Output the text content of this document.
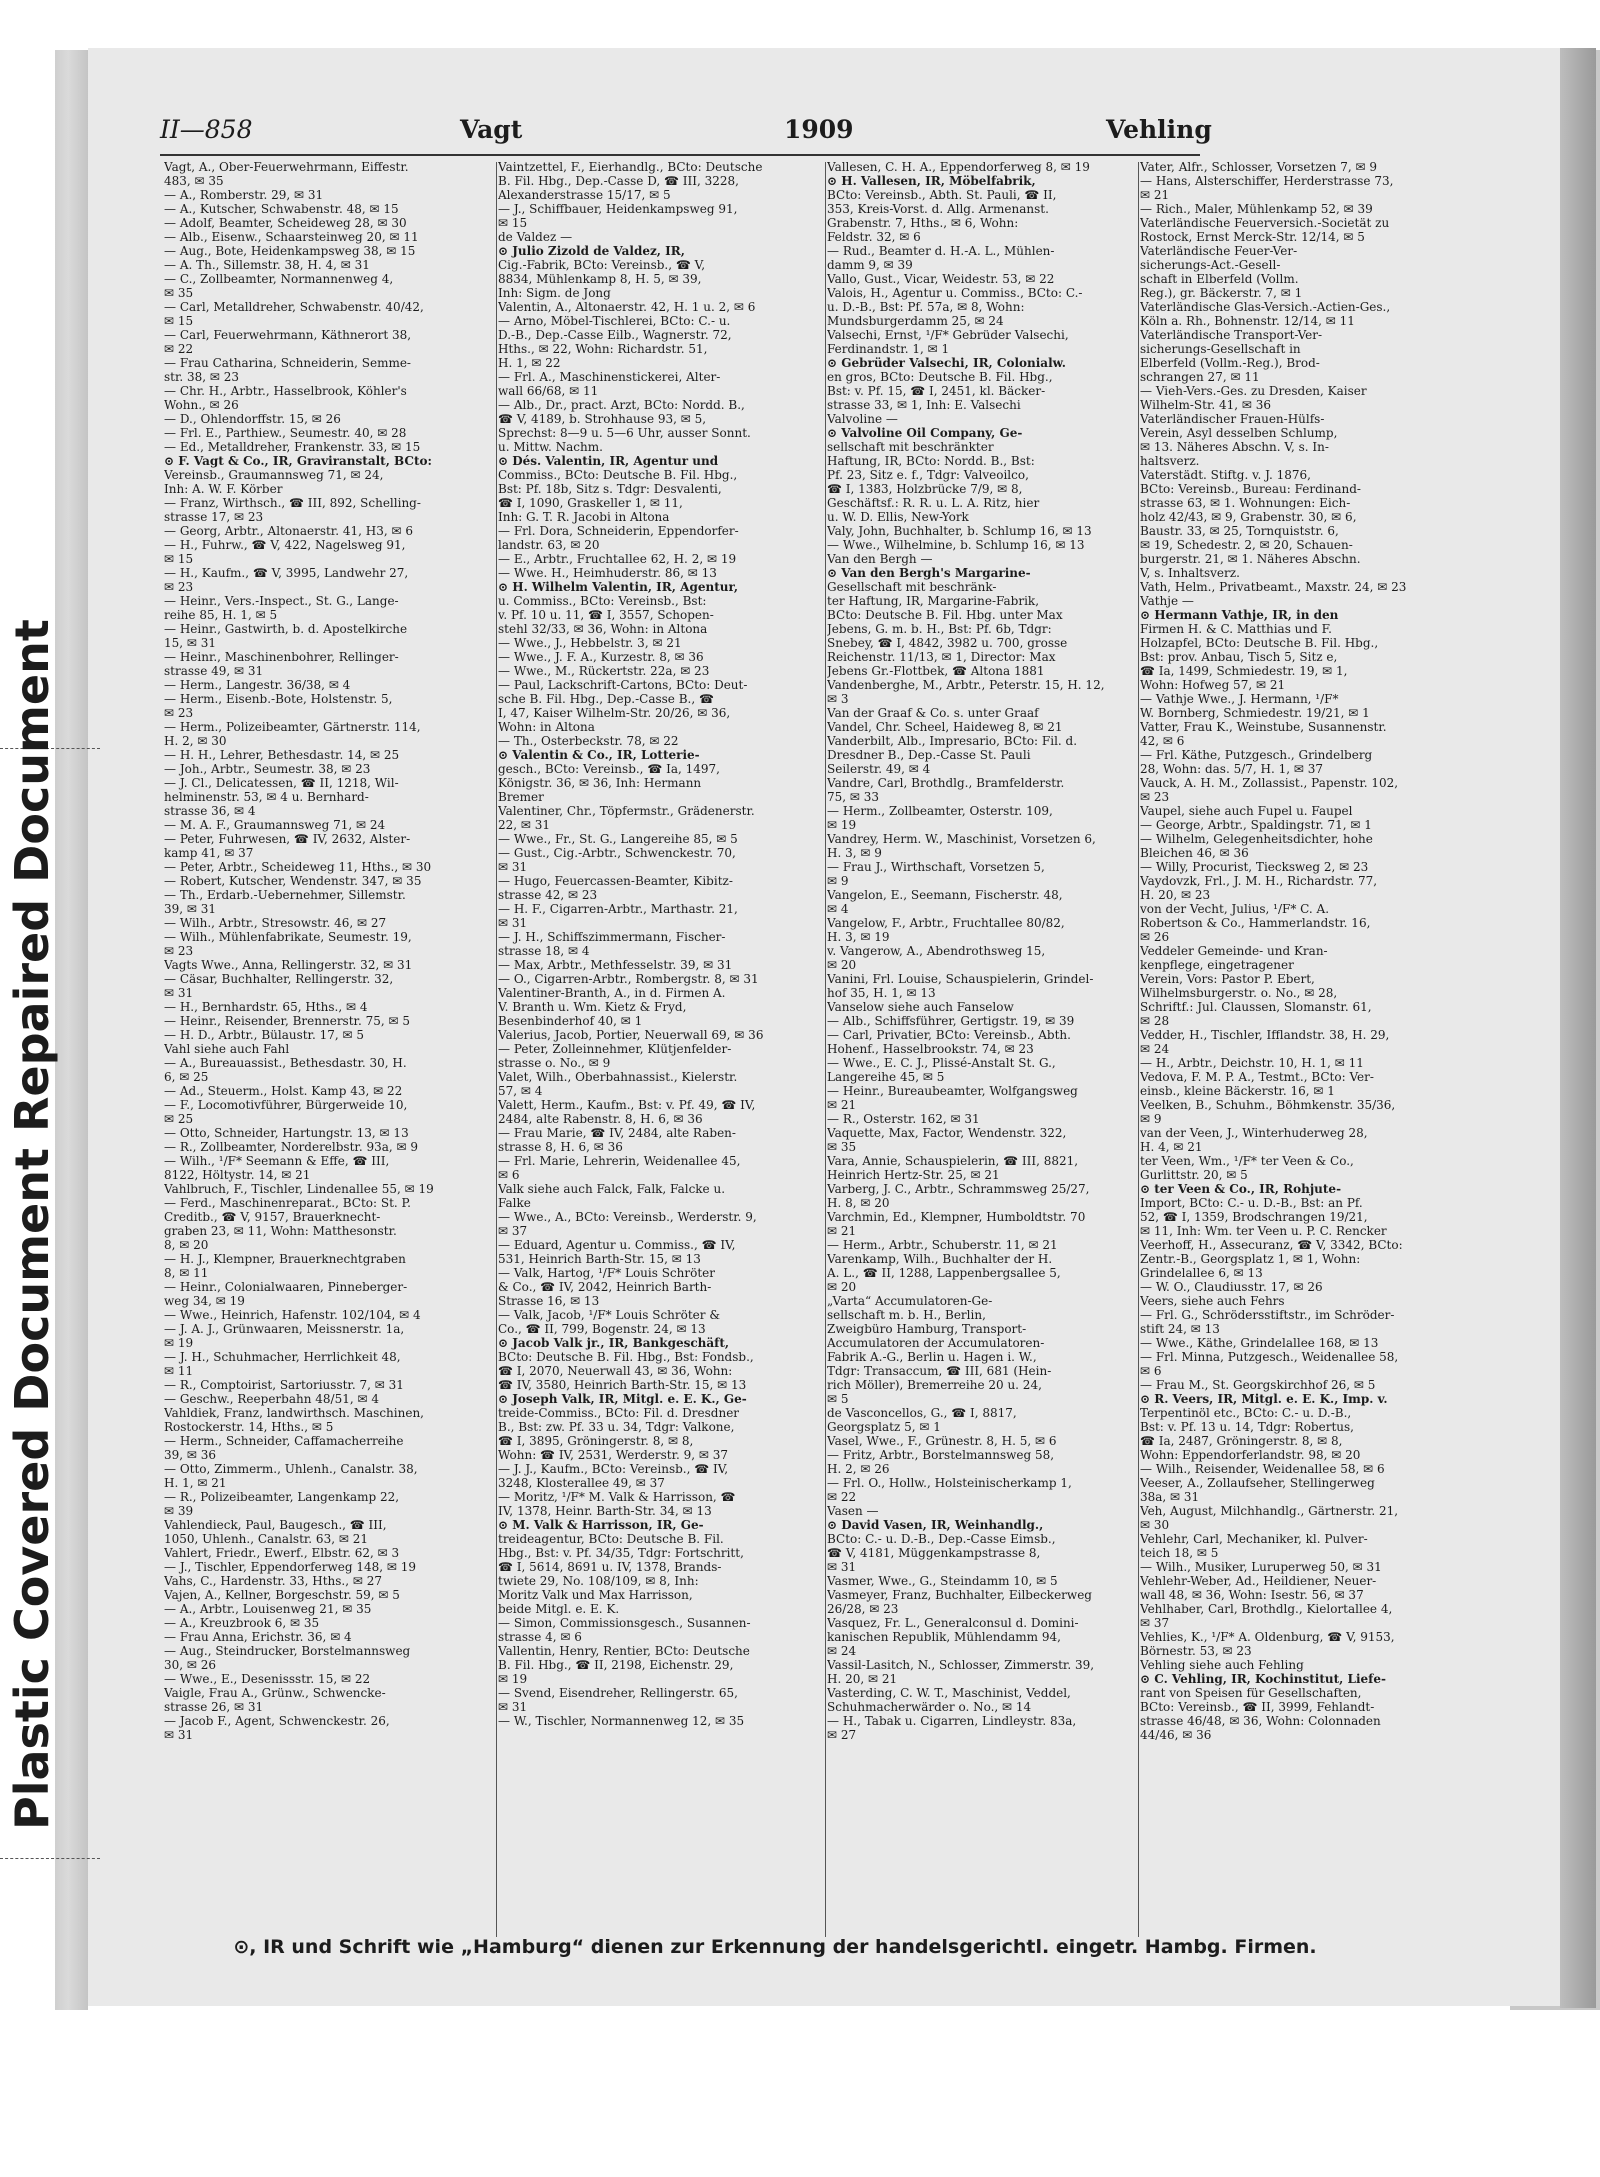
Plastic Covered Document Repaired Document
II—858	Vagt	1909	Vehling
Vagt, A., Ober-Feuerwehrmann, Eiffestr.
483, ✉ 35
— A., Romberstr. 29, ✉ 31
— A., Kutscher, Schwabenstr. 48, ✉ 15
— Adolf, Beamter, Scheideweg 28, ✉ 30
— Alb., Eisenw., Schaarsteinweg 20, ✉ 11
— Aug., Bote, Heidenkampsweg 38, ✉ 15
— A. Th., Sillemstr. 38, H. 4, ✉ 31
— C., Zollbeamter, Normannenweg 4,
✉ 35
— Carl, Metalldreher, Schwabenstr. 40/42,
✉ 15
— Carl, Feuerwehrmann, Käthnerort 38,
✉ 22
— Frau Catharina, Schneiderin, Semme-
str. 38, ✉ 23
— Chr. H., Arbtr., Hasselbrook, Köhler's
Wohn., ✉ 26
— D., Ohlendorffstr. 15, ✉ 26
— Frl. E., Parthiew., Seumestr. 40, ✉ 28
— Ed., Metalldreher, Frankenstr. 33, ✉ 15
⊙ F. Vagt & Co., IR, Graviranstalt, BCto:
Vereinsb., Graumannsweg 71, ✉ 24,
Inh: A. W. F. Körber
— Franz, Wirthsch., ☎ III, 892, Schelling-
strasse 17, ✉ 23
— Georg, Arbtr., Altonaerstr. 41, H3, ✉ 6
— H., Fuhrw., ☎ V, 422, Nagelsweg 91,
✉ 15
— H., Kaufm., ☎ V, 3995, Landwehr 27,
✉ 23
— Heinr., Vers.-Inspect., St. G., Lange-
reihe 85, H. 1, ✉ 5
— Heinr., Gastwirth, b. d. Apostelkirche
15, ✉ 31
— Heinr., Maschinenbohrer, Rellinger-
strasse 49, ✉ 31
— Herm., Langestr. 36/38, ✉ 4
— Herm., Eisenb.-Bote, Holstenstr. 5,
✉ 23
— Herm., Polizeibeamter, Gärtnerstr. 114,
H. 2, ✉ 30
— H. H., Lehrer, Bethesdastr. 14, ✉ 25
— Joh., Arbtr., Seumestr. 38, ✉ 23
— J. Cl., Delicatessen, ☎ II, 1218, Wil-
helminenstr. 53, ✉ 4 u. Bernhard-
strasse 36, ✉ 4
— M. A. F., Graumannsweg 71, ✉ 24
— Peter, Fuhrwesen, ☎ IV, 2632, Alster-
kamp 41, ✉ 37
— Peter, Arbtr., Scheideweg 11, Hths., ✉ 30
— Robert, Kutscher, Wendenstr. 347, ✉ 35
— Th., Erdarb.-Uebernehmer, Sillemstr.
39, ✉ 31
— Wilh., Arbtr., Stresowstr. 46, ✉ 27
— Wilh., Mühlenfabrikate, Seumestr. 19,
✉ 23
Vagts Wwe., Anna, Rellingerstr. 32, ✉ 31
— Cäsar, Buchhalter, Rellingerstr. 32,
✉ 31
— H., Bernhardstr. 65, Hths., ✉ 4
— Heinr., Reisender, Brennerstr. 75, ✉ 5
— H. D., Arbtr., Bülaustr. 17, ✉ 5
Vahl siehe auch Fahl
— A., Bureauassist., Bethesdastr. 30, H.
6, ✉ 25
— Ad., Steuerm., Holst. Kamp 43, ✉ 22
— F., Locomotivführer, Bürgerweide 10,
✉ 25
— Otto, Schneider, Hartungstr. 13, ✉ 13
— R., Zollbeamter, Norderelbstr. 93a, ✉ 9
— Wilh., ¹/F* Seemann & Effe, ☎ III,
8122, Höltystr. 14, ✉ 21
Vahlbruch, F., Tischler, Lindenallee 55, ✉ 19
— Ferd., Maschinenreparat., BCto: St. P.
Creditb., ☎ V, 9157, Brauerknecht-
graben 23, ✉ 11, Wohn: Matthesonstr.
8, ✉ 20
— H. J., Klempner, Brauerknechtgraben
8, ✉ 11
— Heinr., Colonialwaaren, Pinneberger-
weg 34, ✉ 19
— Wwe., Heinrich, Hafenstr. 102/104, ✉ 4
— J. A. J., Grünwaaren, Meissnerstr. 1a,
✉ 19
— J. H., Schuhmacher, Herrlichkeit 48,
✉ 11
— R., Comptoirist, Sartoriusstr. 7, ✉ 31
— Geschw., Reeperbahn 48/51, ✉ 4
Vahldiek, Franz, landwirthsch. Maschinen,
Rostockerstr. 14, Hths., ✉ 5
— Herm., Schneider, Caffamacherreihe
39, ✉ 36
— Otto, Zimmerm., Uhlenh., Canalstr. 38,
H. 1, ✉ 21
— R., Polizeibeamter, Langenkamp 22,
✉ 39
Vahlendieck, Paul, Baugesch., ☎ III,
1050, Uhlenh., Canalstr. 63, ✉ 21
Vahlert, Friedr., Ewerf., Elbstr. 62, ✉ 3
— J., Tischler, Eppendorferweg 148, ✉ 19
Vahs, C., Hardenstr. 33, Hths., ✉ 27
Vajen, A., Kellner, Borgeschstr. 59, ✉ 5
— A., Arbtr., Louisenweg 21, ✉ 35
— A., Kreuzbrook 6, ✉ 35
— Frau Anna, Erichstr. 36, ✉ 4
— Aug., Steindrucker, Borstelmannsweg
30, ✉ 26
— Wwe., E., Desenissstr. 15, ✉ 22
Vaigle, Frau A., Grünw., Schwencke-
strasse 26, ✉ 31
— Jacob F., Agent, Schwenckestr. 26,
✉ 31
Vaintzettel, F., Eierhandlg., BCto: Deutsche
B. Fil. Hbg., Dep.-Casse D, ☎ III, 3228,
Alexanderstrasse 15/17, ✉ 5
— J., Schiffbauer, Heidenkampsweg 91,
✉ 15
de Valdez —
⊙ Julio Zizold de Valdez, IR,
Cig.-Fabrik, BCto: Vereinsb., ☎ V,
8834, Mühlenkamp 8, H. 5, ✉ 39,
Inh: Sigm. de Jong
Valentin, A., Altonaerstr. 42, H. 1 u. 2, ✉ 6
— Arno, Möbel-Tischlerei, BCto: C.- u.
D.-B., Dep.-Casse Eilb., Wagnerstr. 72,
Hths., ✉ 22, Wohn: Richardstr. 51,
H. 1, ✉ 22
— Frl. A., Maschinenstickerei, Alter-
wall 66/68, ✉ 11
— Alb., Dr., pract. Arzt, BCto: Nordd. B.,
☎ V, 4189, b. Strohhause 93, ✉ 5,
Sprechst: 8—9 u. 5—6 Uhr, ausser Sonnt.
u. Mittw. Nachm.
⊙ Dés. Valentin, IR, Agentur und
Commiss., BCto: Deutsche B. Fil. Hbg.,
Bst: Pf. 18b, Sitz s. Tdgr: Desvalenti,
☎ I, 1090, Graskeller 1, ✉ 11,
Inh: G. T. R. Jacobi in Altona
— Frl. Dora, Schneiderin, Eppendorfer-
landstr. 63, ✉ 20
— E., Arbtr., Fruchtallee 62, H. 2, ✉ 19
— Wwe. H., Heimhuderstr. 86, ✉ 13
⊙ H. Wilhelm Valentin, IR, Agentur,
u. Commiss., BCto: Vereinsb., Bst:
v. Pf. 10 u. 11, ☎ I, 3557, Schopen-
stehl 32/33, ✉ 36, Wohn: in Altona
— Wwe., J., Hebbelstr. 3, ✉ 21
— Wwe., J. F. A., Kurzestr. 8, ✉ 36
— Wwe., M., Rückertstr. 22a, ✉ 23
— Paul, Lackschrift-Cartons, BCto: Deut-
sche B. Fil. Hbg., Dep.-Casse B., ☎
I, 47, Kaiser Wilhelm-Str. 20/26, ✉ 36,
Wohn: in Altona
— Th., Osterbeckstr. 78, ✉ 22
⊙ Valentin & Co., IR, Lotterie-
gesch., BCto: Vereinsb., ☎ Ia, 1497,
Königstr. 36, ✉ 36, Inh: Hermann
Bremer
Valentiner, Chr., Töpfermstr., Grädenerstr.
22, ✉ 31
— Wwe., Fr., St. G., Langereihe 85, ✉ 5
— Gust., Cig.-Arbtr., Schwenckestr. 70,
✉ 31
— Hugo, Feuercassen-Beamter, Kibitz-
strasse 42, ✉ 23
— H. F., Cigarren-Arbtr., Marthastr. 21,
✉ 31
— J. H., Schiffszimmermann, Fischer-
strasse 18, ✉ 4
— Max, Arbtr., Methfesselstr. 39, ✉ 31
— O., Cigarren-Arbtr., Rombergstr. 8, ✉ 31
Valentiner-Branth, A., in d. Firmen A.
V. Branth u. Wm. Kietz & Fryd,
Besenbinderhof 40, ✉ 1
Valerius, Jacob, Portier, Neuerwall 69, ✉ 36
— Peter, Zolleinnehmer, Klütjenfelder-
strasse o. No., ✉ 9
Valet, Wilh., Oberbahnassist., Kielerstr.
57, ✉ 4
Valett, Herm., Kaufm., Bst: v. Pf. 49, ☎ IV,
2484, alte Rabenstr. 8, H. 6, ✉ 36
— Frau Marie, ☎ IV, 2484, alte Raben-
strasse 8, H. 6, ✉ 36
— Frl. Marie, Lehrerin, Weidenallee 45,
✉ 6
Valk siehe auch Falck, Falk, Falcke u.
Falke
— Wwe., A., BCto: Vereinsb., Werderstr. 9,
✉ 37
— Eduard, Agentur u. Commiss., ☎ IV,
531, Heinrich Barth-Str. 15, ✉ 13
— Valk, Hartog, ¹/F* Louis Schröter
& Co., ☎ IV, 2042, Heinrich Barth-
Strasse 16, ✉ 13
— Valk, Jacob, ¹/F* Louis Schröter &
Co., ☎ II, 799, Bogenstr. 24, ✉ 13
⊙ Jacob Valk jr., IR, Bankgeschäft,
BCto: Deutsche B. Fil. Hbg., Bst: Fondsb.,
☎ I, 2070, Neuerwall 43, ✉ 36, Wohn:
☎ IV, 3580, Heinrich Barth-Str. 15, ✉ 13
⊙ Joseph Valk, IR, Mitgl. e. E. K., Ge-
treide-Commiss., BCto: Fil. d. Dresdner
B., Bst: zw. Pf. 33 u. 34, Tdgr: Valkone,
☎ I, 3895, Gröningerstr. 8, ✉ 8,
Wohn: ☎ IV, 2531, Werderstr. 9, ✉ 37
— J. J., Kaufm., BCto: Vereinsb., ☎ IV,
3248, Klosterallee 49, ✉ 37
— Moritz, ¹/F* M. Valk & Harrisson, ☎
IV, 1378, Heinr. Barth-Str. 34, ✉ 13
⊙ M. Valk & Harrisson, IR, Ge-
treideagentur, BCto: Deutsche B. Fil.
Hbg., Bst: v. Pf. 34/35, Tdgr: Fortschritt,
☎ I, 5614, 8691 u. IV, 1378, Brands-
twiete 29, No. 108/109, ✉ 8, Inh:
Moritz Valk und Max Harrisson,
beide Mitgl. e. E. K.
— Simon, Commissionsgesch., Susannen-
strasse 4, ✉ 6
Vallentin, Henry, Rentier, BCto: Deutsche
B. Fil. Hbg., ☎ II, 2198, Eichenstr. 29,
✉ 19
— Svend, Eisendreher, Rellingerstr. 65,
✉ 31
— W., Tischler, Normannenweg 12, ✉ 35
Vallesen, C. H. A., Eppendorferweg 8, ✉ 19
⊙ H. Vallesen, IR, Möbelfabrik,
BCto: Vereinsb., Abth. St. Pauli, ☎ II,
353, Kreis-Vorst. d. Allg. Armenanst.
Grabenstr. 7, Hths., ✉ 6, Wohn:
Feldstr. 32, ✉ 6
— Rud., Beamter d. H.-A. L., Mühlen-
damm 9, ✉ 39
Vallo, Gust., Vicar, Weidestr. 53, ✉ 22
Valois, H., Agentur u. Commiss., BCto: C.-
u. D.-B., Bst: Pf. 57a, ✉ 8, Wohn:
Mundsburgerdamm 25, ✉ 24
Valsechi, Ernst, ¹/F* Gebrüder Valsechi,
Ferdinandstr. 1, ✉ 1
⊙ Gebrüder Valsechi, IR, Colonialw.
en gros, BCto: Deutsche B. Fil. Hbg.,
Bst: v. Pf. 15, ☎ I, 2451, kl. Bäcker-
strasse 33, ✉ 1, Inh: E. Valsechi
Valvoline —
⊙ Valvoline Oil Company, Ge-
sellschaft mit beschränkter
Haftung, IR, BCto: Nordd. B., Bst:
Pf. 23, Sitz e. f., Tdgr: Valveoilco,
☎ I, 1383, Holzbrücke 7/9, ✉ 8,
Geschäftsf.: R. R. u. L. A. Ritz, hier
u. W. D. Ellis, New-York
Valy, John, Buchhalter, b. Schlump 16, ✉ 13
— Wwe., Wilhelmine, b. Schlump 16, ✉ 13
Van den Bergh —
⊙ Van den Bergh's Margarine-
Gesellschaft mit beschränk-
ter Haftung, IR, Margarine-Fabrik,
BCto: Deutsche B. Fil. Hbg. unter Max
Jebens, G. m. b. H., Bst: Pf. 6b, Tdgr:
Snebey, ☎ I, 4842, 3982 u. 700, grosse
Reichenstr. 11/13, ✉ 1, Director: Max
Jebens Gr.-Flottbek, ☎ Altona 1881
Vandenberghe, M., Arbtr., Peterstr. 15, H. 12,
✉ 3
Van der Graaf & Co. s. unter Graaf
Vandel, Chr. Scheel, Haideweg 8, ✉ 21
Vanderbilt, Alb., Impresario, BCto: Fil. d.
Dresdner B., Dep.-Casse St. Pauli
Seilerstr. 49, ✉ 4
Vandre, Carl, Brothdlg., Bramfelderstr.
75, ✉ 33
— Herm., Zollbeamter, Osterstr. 109,
✉ 19
Vandrey, Herm. W., Maschinist, Vorsetzen 6,
H. 3, ✉ 9
— Frau J., Wirthschaft, Vorsetzen 5,
✉ 9
Vangelon, E., Seemann, Fischerstr. 48,
✉ 4
Vangelow, F., Arbtr., Fruchtallee 80/82,
H. 3, ✉ 19
v. Vangerow, A., Abendrothsweg 15,
✉ 20
Vanini, Frl. Louise, Schauspielerin, Grindel-
hof 35, H. 1, ✉ 13
Vanselow siehe auch Fanselow
— Alb., Schiffsführer, Gertigstr. 19, ✉ 39
— Carl, Privatier, BCto: Vereinsb., Abth.
Hohenf., Hasselbrookstr. 74, ✉ 23
— Wwe., E. C. J., Plissé-Anstalt St. G.,
Langereihe 45, ✉ 5
— Heinr., Bureaubeamter, Wolfgangsweg
✉ 21
— R., Osterstr. 162, ✉ 31
Vaquette, Max, Factor, Wendenstr. 322,
✉ 35
Vara, Annie, Schauspielerin, ☎ III, 8821,
Heinrich Hertz-Str. 25, ✉ 21
Varberg, J. C., Arbtr., Schrammsweg 25/27,
H. 8, ✉ 20
Varchmin, Ed., Klempner, Humboldtstr. 70
✉ 21
— Herm., Arbtr., Schuberstr. 11, ✉ 21
Varenkamp, Wilh., Buchhalter der H.
A. L., ☎ II, 1288, Lappenbergsallee 5,
✉ 20
„Varta“ Accumulatoren-Ge-
sellschaft m. b. H., Berlin,
Zweigbüro Hamburg, Transport-
Accumulatoren der Accumulatoren-
Fabrik A.-G., Berlin u. Hagen i. W.,
Tdgr: Transaccum, ☎ III, 681 (Hein-
rich Möller), Bremerreihe 20 u. 24,
✉ 5
de Vasconcellos, G., ☎ I, 8817,
Georgsplatz 5, ✉ 1
Vasel, Wwe., F., Grünestr. 8, H. 5, ✉ 6
— Fritz, Arbtr., Borstelmannsweg 58,
H. 2, ✉ 26
— Frl. O., Hollw., Holsteinischerkamp 1,
✉ 22
Vasen —
⊙ David Vasen, IR, Weinhandlg.,
BCto: C.- u. D.-B., Dep.-Casse Eimsb.,
☎ V, 4181, Müggenkampstrasse 8,
✉ 31
Vasmer, Wwe., G., Steindamm 10, ✉ 5
Vasmeyer, Franz, Buchhalter, Eilbeckerweg
26/28, ✉ 23
Vasquez, Fr. L., Generalconsul d. Domini-
kanischen Republik, Mühlendamm 94,
✉ 24
Vassil-Lasitch, N., Schlosser, Zimmerstr. 39,
H. 20, ✉ 21
Vasterding, C. W. T., Maschinist, Veddel,
Schuhmacherwärder o. No., ✉ 14
— H., Tabak u. Cigarren, Lindleystr. 83a,
✉ 27
Vater, Alfr., Schlosser, Vorsetzen 7, ✉ 9
— Hans, Alsterschiffer, Herderstrasse 73,
✉ 21
— Rich., Maler, Mühlenkamp 52, ✉ 39
Vaterländische Feuerversich.-Societät zu
Rostock, Ernst Merck-Str. 12/14, ✉ 5
Vaterländische Feuer-Ver-
sicherungs-Act.-Gesell-
schaft in Elberfeld (Vollm.
Reg.), gr. Bäckerstr. 7, ✉ 1
Vaterländische Glas-Versich.-Actien-Ges.,
Köln a. Rh., Bohnenstr. 12/14, ✉ 11
Vaterländische Transport-Ver-
sicherungs-Gesellschaft in
Elberfeld (Vollm.-Reg.), Brod-
schrangen 27, ✉ 11
— Vieh-Vers.-Ges. zu Dresden, Kaiser
Wilhelm-Str. 41, ✉ 36
Vaterländischer Frauen-Hülfs-
Verein, Asyl desselben Schlump,
✉ 13. Näheres Abschn. V, s. In-
haltsverz.
Vaterstädt. Stiftg. v. J. 1876,
BCto: Vereinsb., Bureau: Ferdinand-
strasse 63, ✉ 1. Wohnungen: Eich-
holz 42/43, ✉ 9, Grabenstr. 30, ✉ 6,
Baustr. 33, ✉ 25, Tornquiststr. 6,
✉ 19, Schedestr. 2, ✉ 20, Schauen-
burgerstr. 21, ✉ 1. Näheres Abschn.
V, s. Inhaltsverz.
Vath, Helm., Privatbeamt., Maxstr. 24, ✉ 23
Vathje —
⊙ Hermann Vathje, IR, in den
Firmen H. & C. Matthias und F.
Holzapfel, BCto: Deutsche B. Fil. Hbg.,
Bst: prov. Anbau, Tisch 5, Sitz e,
☎ Ia, 1499, Schmiedestr. 19, ✉ 1,
Wohn: Hofweg 57, ✉ 21
— Vathje Wwe., J. Hermann, ¹/F*
W. Bornberg, Schmiedestr. 19/21, ✉ 1
Vatter, Frau K., Weinstube, Susannenstr.
42, ✉ 6
— Frl. Käthe, Putzgesch., Grindelberg
28, Wohn: das. 5/7, H. 1, ✉ 37
Vauck, A. H. M., Zollassist., Papenstr. 102,
✉ 23
Vaupel, siehe auch Fupel u. Faupel
— George, Arbtr., Spaldingstr. 71, ✉ 1
— Wilhelm, Gelegenheitsdichter, hohe
Bleichen 46, ✉ 36
— Willy, Procurist, Tiecksweg 2, ✉ 23
Vaydovzk, Frl., J. M. H., Richardstr. 77,
H. 20, ✉ 23
von der Vecht, Julius, ¹/F* C. A.
Robertson & Co., Hammerlandstr. 16,
✉ 26
Veddeler Gemeinde- und Kran-
kenpflege, eingetragener
Verein, Vors: Pastor P. Ebert,
Wilhelmsburgerstr. o. No., ✉ 28,
Schriftf.: Jul. Claussen, Slomanstr. 61,
✉ 28
Vedder, H., Tischler, Ifflandstr. 38, H. 29,
✉ 24
— H., Arbtr., Deichstr. 10, H. 1, ✉ 11
Vedova, F. M. P. A., Testmt., BCto: Ver-
einsb., kleine Bäckerstr. 16, ✉ 1
Veelken, B., Schuhm., Böhmkenstr. 35/36,
✉ 9
van der Veen, J., Winterhuderweg 28,
H. 4, ✉ 21
ter Veen, Wm., ¹/F* ter Veen & Co.,
Gurlittstr. 20, ✉ 5
⊙ ter Veen & Co., IR, Rohjute-
Import, BCto: C.- u. D.-B., Bst: an Pf.
52, ☎ I, 1359, Brodschrangen 19/21,
✉ 11, Inh: Wm. ter Veen u. P. C. Rencker
Veerhoff, H., Assecuranz, ☎ V, 3342, BCto:
Zentr.-B., Georgsplatz 1, ✉ 1, Wohn:
Grindelallee 6, ✉ 13
— W. O., Claudiusstr. 17, ✉ 26
Veers, siehe auch Fehrs
— Frl. G., Schrödersstiftstr., im Schröder-
stift 24, ✉ 13
— Wwe., Käthe, Grindelallee 168, ✉ 13
— Frl. Minna, Putzgesch., Weidenallee 58,
✉ 6
— Frau M., St. Georgskirchhof 26, ✉ 5
⊙ R. Veers, IR, Mitgl. e. E. K., Imp. v.
Terpentinöl etc., BCto: C.- u. D.-B.,
Bst: v. Pf. 13 u. 14, Tdgr: Robertus,
☎ Ia, 2487, Gröningerstr. 8, ✉ 8,
Wohn: Eppendorferlandstr. 98, ✉ 20
— Wilh., Reisender, Weidenallee 58, ✉ 6
Veeser, A., Zollaufseher, Stellingerweg
38a, ✉ 31
Veh, August, Milchhandlg., Gärtnerstr. 21,
✉ 30
Vehlehr, Carl, Mechaniker, kl. Pulver-
teich 18, ✉ 5
— Wilh., Musiker, Luruperweg 50, ✉ 31
Vehlehr-Weber, Ad., Heildiener, Neuer-
wall 48, ✉ 36, Wohn: Isestr. 56, ✉ 37
Vehlhaber, Carl, Brothdlg., Kielortallee 4,
✉ 37
Vehlies, K., ¹/F* A. Oldenburg, ☎ V, 9153,
Börnestr. 53, ✉ 23
Vehling siehe auch Fehling
⊙ C. Vehling, IR, Kochinstitut, Liefe-
rant von Speisen für Gesellschaften,
BCto: Vereinsb., ☎ II, 3999, Fehlandt-
strasse 46/48, ✉ 36, Wohn: Colonnaden
44/46, ✉ 36
⊙, IR und Schrift wie „Hamburg“ dienen zur Erkennung der handelsgerichtl. eingetr. Hambg. Firmen.
